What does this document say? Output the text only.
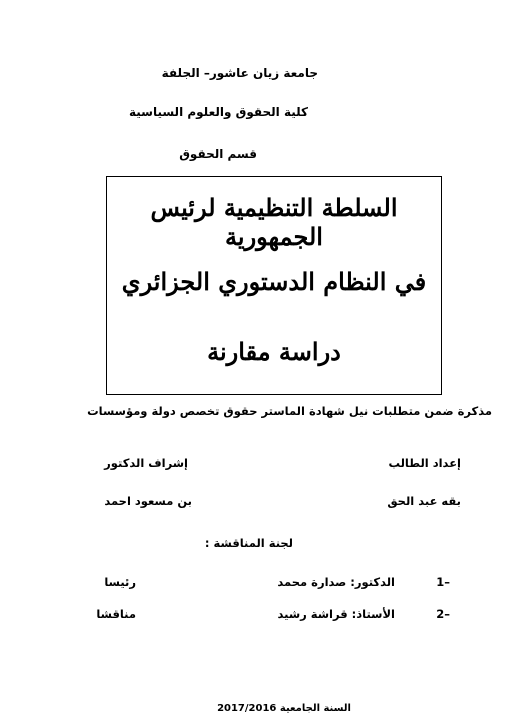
جامعة زيان عاشور– الجلفة
كلية الحقوق والعلوم السياسية
قسم الحقوق
السلطة التنظيمية لرئيس الجمهورية
في النظام الدستوري الجزائري
دراسة مقارنة
مذكرة ضمن متطلبات نيل شهادة الماستر حقوق تخصص دولة ومؤسسات
إعداد الطالب
إشراف الدكتور
بقه عبد الحق
بن مسعود احمد
لجنة المناقشة :
1–
الدكتور: صدارة محمد
رئيسا
2–
الأستاذ: قراشة رشيد
مناقشا
السنة الجامعية 2017/2016
